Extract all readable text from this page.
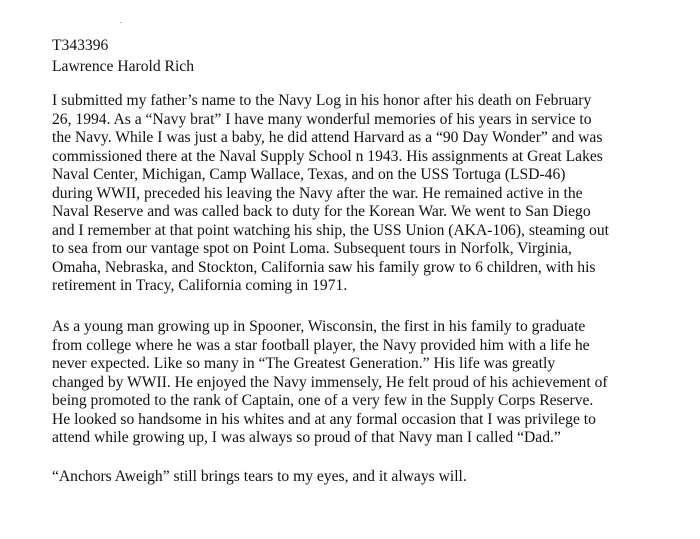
T343396
Lawrence Harold Rich
I submitted my father’s name to the Navy Log in his honor after his death on February
26, 1994. As a “Navy brat” I have many wonderful memories of his years in service to
the Navy. While I was just a baby, he did attend Harvard as a “90 Day Wonder” and was
commissioned there at the Naval Supply School n 1943. His assignments at Great Lakes
Naval Center, Michigan, Camp Wallace, Texas, and on the USS Tortuga (LSD-46)
during WWII, preceded his leaving the Navy after the war. He remained active in the
Naval Reserve and was called back to duty for the Korean War. We went to San Diego
and I remember at that point watching his ship, the USS Union (AKA-106), steaming out
to sea from our vantage spot on Point Loma. Subsequent tours in Norfolk, Virginia,
Omaha, Nebraska, and Stockton, California saw his family grow to 6 children, with his
retirement in Tracy, California coming in 1971.
As a young man growing up in Spooner, Wisconsin, the first in his family to graduate
from college where he was a star football player, the Navy provided him with a life he
never expected. Like so many in “The Greatest Generation.” His life was greatly
changed by WWII. He enjoyed the Navy immensely, He felt proud of his achievement of
being promoted to the rank of Captain, one of a very few in the Supply Corps Reserve.
He looked so handsome in his whites and at any formal occasion that I was privilege to
attend while growing up, I was always so proud of that Navy man I called “Dad.”
“Anchors Aweigh” still brings tears to my eyes, and it always will.
